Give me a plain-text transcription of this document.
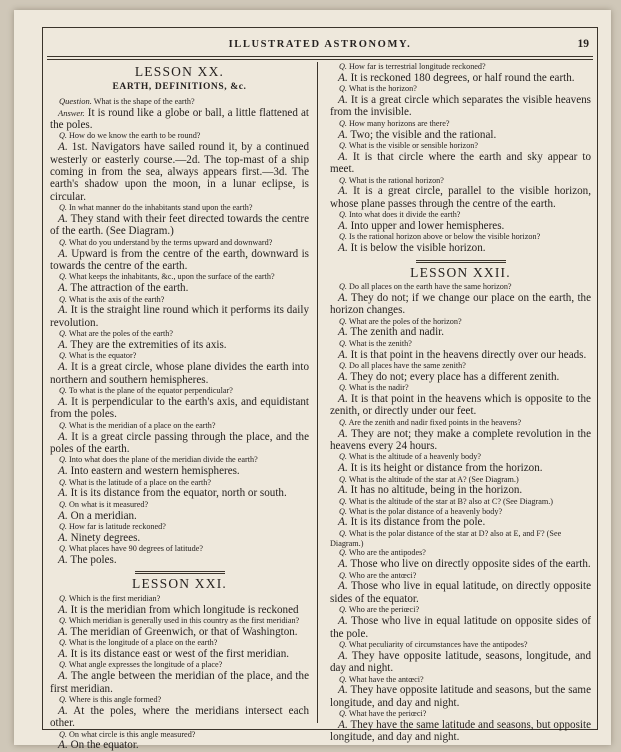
ILLUSTRATED ASTRONOMY.	19
LESSON XX.
EARTH, DEFINITIONS, &c.

Question. What is the shape of the earth?

Answer. It is round like a globe or ball, a little flattened at the poles.

Q. How do we know the earth to be round?

A. 1st. Navigators have sailed round it, by a continued westerly or easterly course.—2d. The top-mast of a ship coming in from the sea, always appears first.—3d. The earth's shadow upon the moon, in a lunar eclipse, is circular.

Q. In what manner do the inhabitants stand upon the earth?

A. They stand with their feet directed towards the centre of the earth. (See Diagram.)

Q. What do you understand by the terms upward and downward?

A. Upward is from the centre of the earth, downward is towards the centre of the earth.

Q. What keeps the inhabitants, &c., upon the surface of the earth?

A. The attraction of the earth.

Q. What is the axis of the earth?

A. It is the straight line round which it performs its daily revolution.

Q. What are the poles of the earth?

A. They are the extremities of its axis.

Q. What is the equator?

A. It is a great circle, whose plane divides the earth into northern and southern hemispheres.

Q. To what is the plane of the equator perpendicular?

A. It is perpendicular to the earth's axis, and equidistant from the poles.

Q. What is the meridian of a place on the earth?

A. It is a great circle passing through the place, and the poles of the earth.

Q. Into what does the plane of the meridian divide the earth?

A. Into eastern and western hemispheres.

Q. What is the latitude of a place on the earth?

A. It is its distance from the equator, north or south.

Q. On what is it measured?

A. On a meridian.

Q. How far is latitude reckoned?

A. Ninety degrees.

Q. What places have 90 degrees of latitude?

A. The poles.

LESSON XXI.

Q. Which is the first meridian?

A. It is the meridian from which longitude is reckoned

Q. Which meridian is generally used in this country as the first meridian?

A. The meridian of Greenwich, or that of Washington.

Q. What is the longitude of a place on the earth?

A. It is its distance east or west of the first meridian.

Q. What angle expresses the longitude of a place?

A. The angle between the meridian of the place, and the first meridian.

Q. Where is this angle formed?

A. At the poles, where the meridians intersect each other.

Q. On what circle is this angle measured?

A. On the equator.

Q. How far is terrestrial longitude reckoned?

A. It is reckoned 180 degrees, or half round the earth.

Q. What is the horizon?

A. It is a great circle which separates the visible heavens from the invisible.

Q. How many horizons are there?

A. Two; the visible and the rational.

Q. What is the visible or sensible horizon?

A. It is that circle where the earth and sky appear to meet.

Q. What is the rational horizon?

A. It is a great circle, parallel to the visible horizon, whose plane passes through the centre of the earth.

Q. Into what does it divide the earth?

A. Into upper and lower hemispheres.

Q. Is the rational horizon above or below the visible horizon?

A. It is below the visible horizon.

LESSON XXII.

Q. Do all places on the earth have the same horizon?

A. They do not; if we change our place on the earth, the horizon changes.

Q. What are the poles of the horizon?

A. The zenith and nadir.

Q. What is the zenith?

A. It is that point in the heavens directly over our heads.

Q. Do all places have the same zenith?

A. They do not; every place has a different zenith.

Q. What is the nadir?

A. It is that point in the heavens which is opposite to the zenith, or directly under our feet.

Q. Are the zenith and nadir fixed points in the heavens?

A. They are not; they make a complete revolution in the heavens every 24 hours.

Q. What is the altitude of a heavenly body?

A. It is its height or distance from the horizon.

Q. What is the altitude of the star at A? (See Diagram.)

A. It has no altitude, being in the horizon.

Q. What is the altitude of the star at B? also at C? (See Diagram.)

Q. What is the polar distance of a heavenly body?

A. It is its distance from the pole.

Q. What is the polar distance of the star at D? also at E, and F? (See Diagram.)

Q. Who are the antipodes?

A. Those who live on directly opposite sides of the earth.

Q. Who are the antœci?

A. Those who live in equal latitude, on directly opposite sides of the equator.

Q. Who are the periœci?

A. Those who live in equal latitude on opposite sides of the pole.

Q. What peculiarity of circumstances have the antipodes?

A. They have opposite latitude, seasons, longitude, and day and night.

Q. What have the antœci?

A. They have opposite latitude and seasons, but the same longitude, and day and night.

Q. What have the periœci?

A. They have the same latitude and seasons, but opposite longitude, and day and night.
